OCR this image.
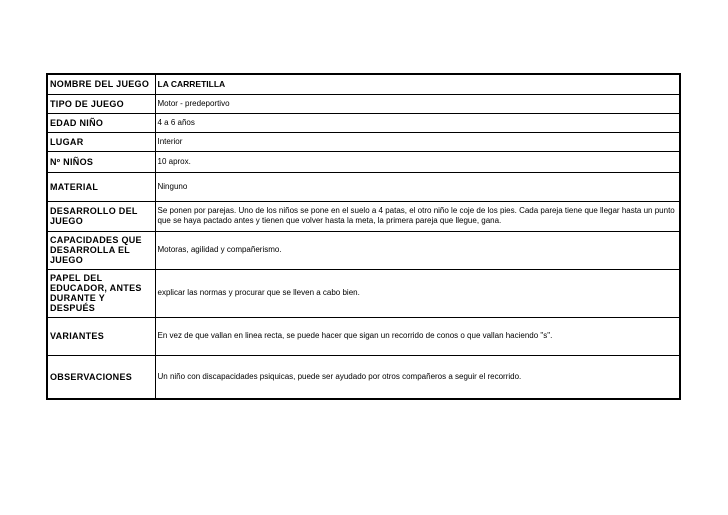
NOMBRE DEL JUEGO	LA CARRETILLA
TIPO DE JUEGO	Motor - predeportivo
EDAD NIÑO	4 a 6 años
LUGAR	Interior
Nº NIÑOS	10 aprox.
MATERIAL	Ninguno
DESARROLLO DEL JUEGO	Se ponen por parejas. Uno de los niños se pone en el suelo a 4 patas, el otro niño le coje de los pies. Cada pareja tiene que llegar hasta un punto que se haya pactado antes y tienen que volver hasta la meta, la primera pareja que llegue, gana.
CAPACIDADES QUE DESARROLLA EL JUEGO	Motoras, agilidad y compañerismo.
PAPEL DEL EDUCADOR, ANTES DURANTE Y DESPUÉS	explicar las normas y procurar que se lleven a cabo bien.
VARIANTES	En vez de que vallan en linea recta, se puede hacer que sigan un recorrido de conos o que vallan haciendo "s".
OBSERVACIONES	Un niño con discapacidades psiquicas, puede ser ayudado por otros compañeros a seguir el recorrido.
